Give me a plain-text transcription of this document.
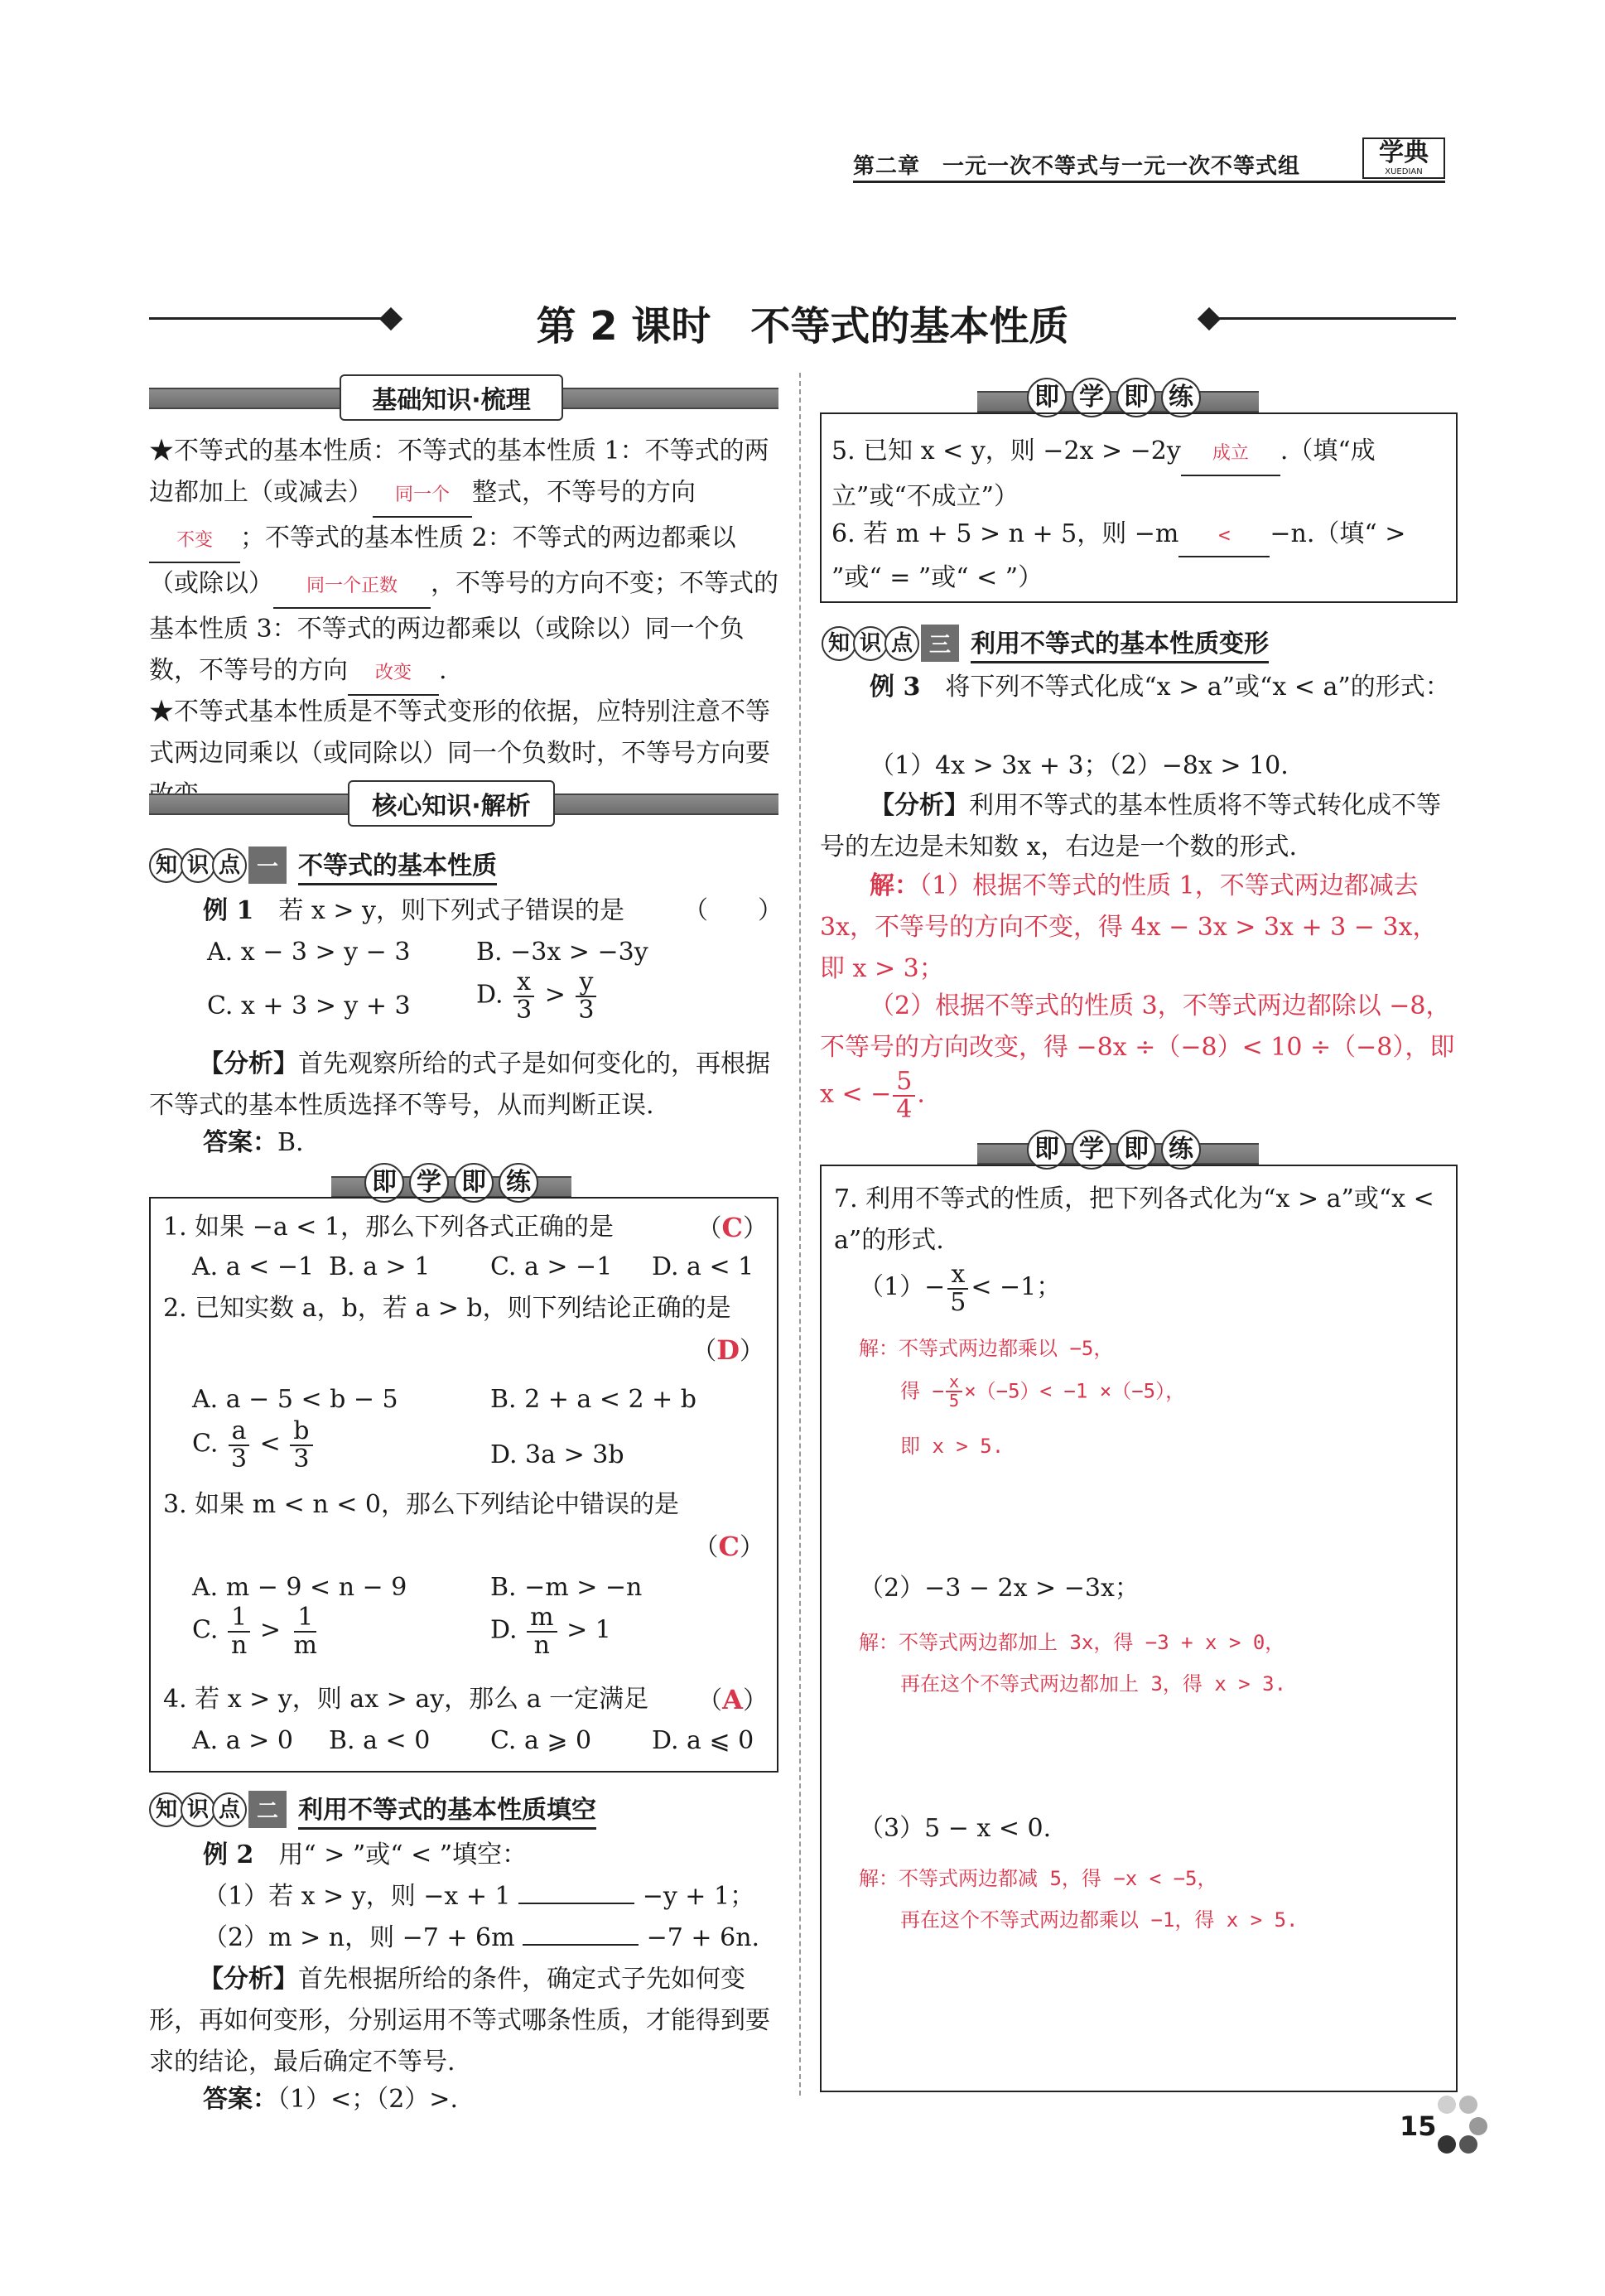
第二章　一元一次不等式与一元一次不等式组	学典
XUEDIAN
第 2 课时　不等式的基本性质
基础知识·梳理
★不等式的基本性质：不等式的基本性质 1：不等式的两边都加上（或减去） 同一个 整式，不等号的方向不变 ；不等式的基本性质 2：不等式的两边都乘以（或除以） 同一个正数 ，不等号的方向不变；不等式的基本性质 3：不等式的两边都乘以（或除以）同一个负数，不等号的方向 改变 .
★不等式基本性质是不等式变形的依据，应特别注意不等式两边同乘以（或同除以）同一个负数时，不等号方向要
核心知识·解析
知 识 点 一 不等式的基本性质
例 1　 若 x > y，则下列式子错误的是 （　　）
A. x − 3 > y − 3	B. −3x > −3y
C. x + 3 > y + 3	D. $\frac{x}{3} > \frac{y}{3}$
【分析】首先观察所给的式子是如何变化的，再根据不等式的基本性质选择不等号，从而判断正误.
答案：B.
即 学 即 练
1. 如果 −a < 1，那么下列各式正确的是	（C）
A. a < −1 B. a > 1 C. a > −1 D. a < 1
2. 已知实数 a，b，若 a > b，则下列结论正确的是
（D）
A. a − 5 < b − 5	B. 2 + a < 2 + b
C. $\frac{a}{3} < \frac{b}{3}$	D. 3a > 3b
3. 如果 m < n < 0，那么下列结论中错误的是
（C）
A. m − 9 < n − 9	B. −m > −n
C. $\frac{1}{n} > \frac{1}{m}$	D. $\frac{m}{n} > 1$
4. 若 x > y，则 ax > ay，那么 a 一定满足 （A）
A. a > 0 B. a < 0 C. a ⩾ 0 D. a ⩽ 0
知 识 点 二 利用不等式的基本性质填空
例 2　 用“ > ”或“ < ”填空：
（1）若 x > y，则 −x + 1	−y + 1；
（2）m > n，则 −7 + 6m	−7 + 6n.
【分析】首先根据所给的条件，确定式子先如何变形，再如何变形，分别运用不等式哪条性质，才能得到要求的结论，最后确定不等号.
答案：（1）<；（2）>.
即 学 即 练
5. 已知 x < y，则 −2x > −2y 成立 .（填“成立”或“不成立”）
6. 若 m + 5 > n + 5，则 −m < −n.（填“ > ”或“ = ”或“ < ”）
知 识 点 三 利用不等式的基本性质变形
例 3　 将下列不等式化成“x > a”或“x < a”的形式：
（1）4x > 3x + 3；（2）−8x > 10.
【分析】利用不等式的基本性质将不等式转化成不等号的左边是未知数 x，右边是一个数的形式.
解：（1）根据不等式的性质 1，不等式两边都减去 3x，不等号的方向不变，得 4x − 3x > 3x + 3 − 3x，即 x > 3；
（2）根据不等式的性质 3，不等式两边都除以 −8，不等号的方向改变，得 −8x ÷（−8）< 10 ÷（−8），即 x < − $\frac{5}{4}$ .
即 学 即 练
7. 利用不等式的性质，把下列各式化为“x > a”或“x < a”的形式.
$(1)- \frac{x}{5} < -1$；
解：不等式两边都乘以 −5，
得 − $\frac{x}{5} \times(-5)< -1 \times(-5)$，
即 x > 5.
（2）−3 − 2x > −3x；
解：不等式两边都加上 3x，得 −3 + x > 0，
再在这个不等式两边都加上 3，得 x > 3.
（3）5 − x < 0.
解：不等式两边都减 5，得 −x < −5，
再在这个不等式两边都乘以 −1，得 x > 5.
15
